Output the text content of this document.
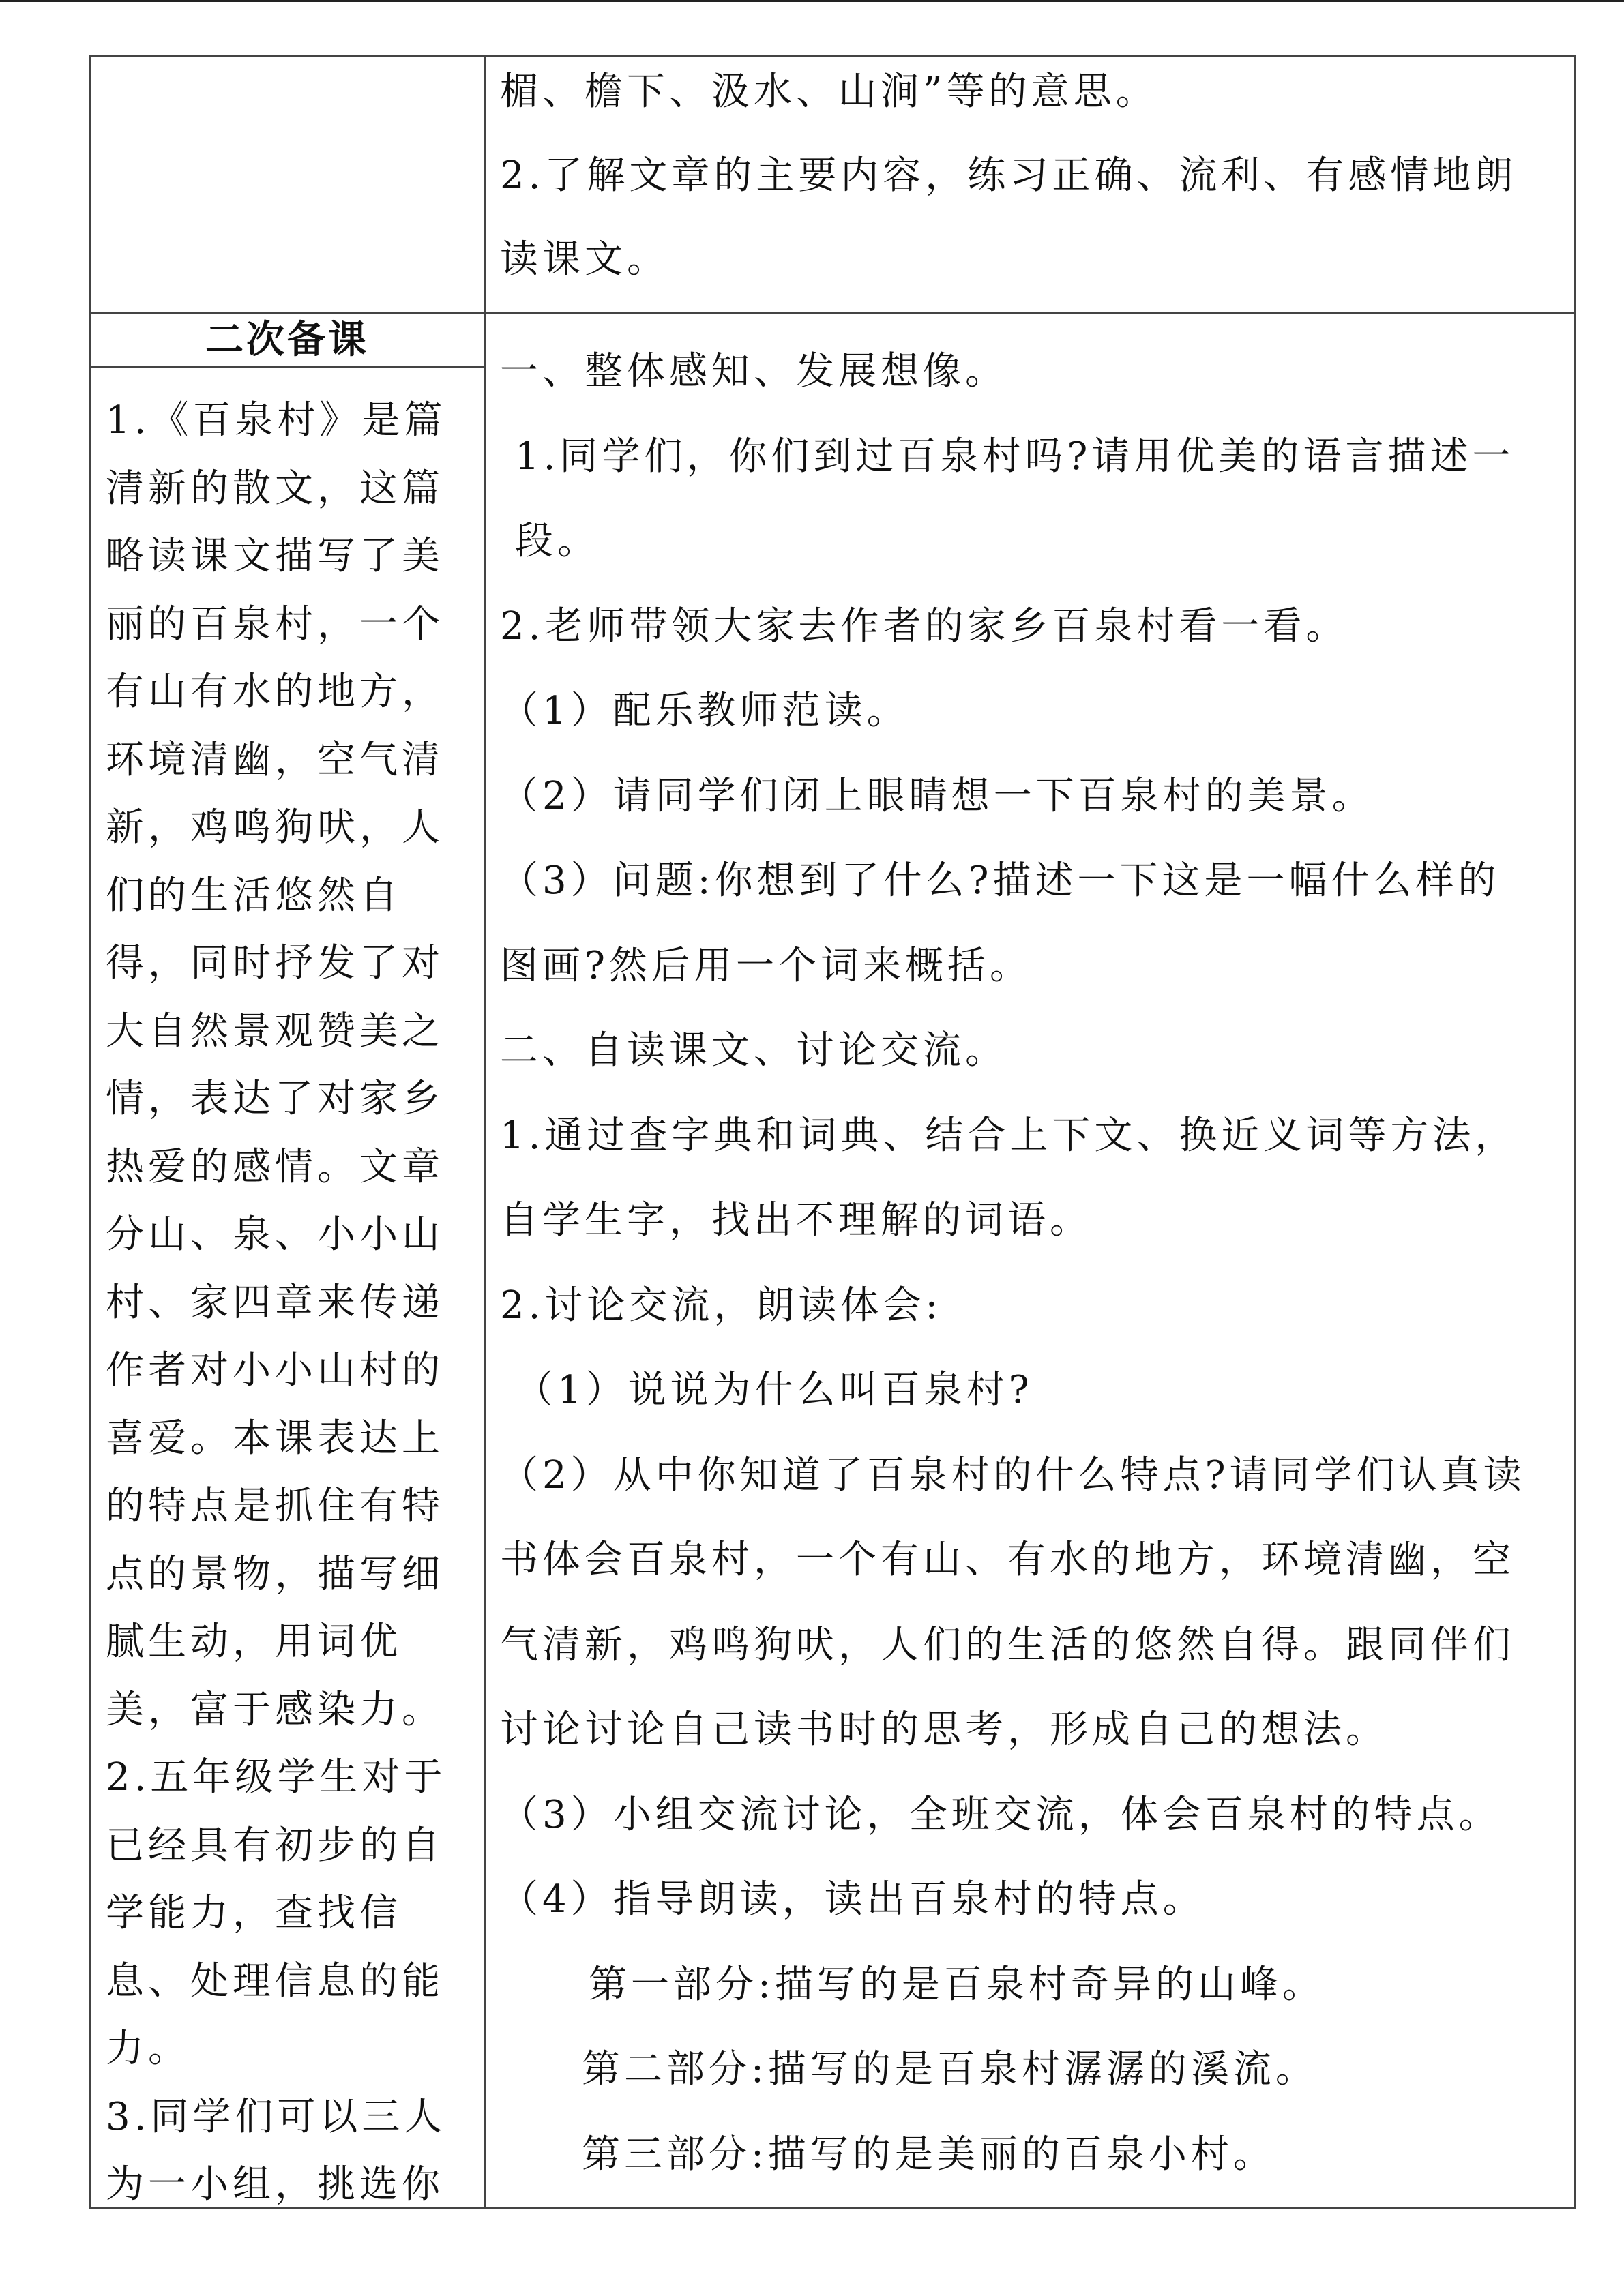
楣、檐下、汲水、山涧”等的意思。

2.了解文章的主要内容，练习正确、流利、有感情地朗

读课文。

二次备课

1.《百泉村》是篇

清新的散文，这篇

略读课文描写了美

丽的百泉村，一个

有山有水的地方，

环境清幽，空气清

新，鸡鸣狗吠，人

们的生活悠然自

得，同时抒发了对

大自然景观赞美之

情，表达了对家乡

热爱的感情。文章

分山、泉、小小山

村、家四章来传递

作者对小小山村的

喜爱。本课表达上

的特点是抓住有特

点的景物，描写细

腻生动，用词优

美，富于感染力。

2.五年级学生对于

已经具有初步的自

学能力，查找信

息、处理信息的能

力。

3.同学们可以三人

为一小组，挑选你

一、整体感知、发展想像。

1.同学们，你们到过百泉村吗?请用优美的语言描述一

段。

2.老师带领大家去作者的家乡百泉村看一看。

（1）配乐教师范读。

（2）请同学们闭上眼睛想一下百泉村的美景。

（3）问题:你想到了什么?描述一下这是一幅什么样的

图画?然后用一个词来概括。

二、自读课文、讨论交流。

1.通过查字典和词典、结合上下文、换近义词等方法，

自学生字，找出不理解的词语。

2.讨论交流，朗读体会:

（1）说说为什么叫百泉村?

（2）从中你知道了百泉村的什么特点?请同学们认真读

书体会百泉村，一个有山、有水的地方，环境清幽，空

气清新，鸡鸣狗吠，人们的生活的悠然自得。跟同伴们

讨论讨论自己读书时的思考，形成自己的想法。

（3）小组交流讨论，全班交流，体会百泉村的特点。

（4）指导朗读，读出百泉村的特点。

第一部分:描写的是百泉村奇异的山峰。

第二部分:描写的是百泉村潺潺的溪流。

第三部分:描写的是美丽的百泉小村。
